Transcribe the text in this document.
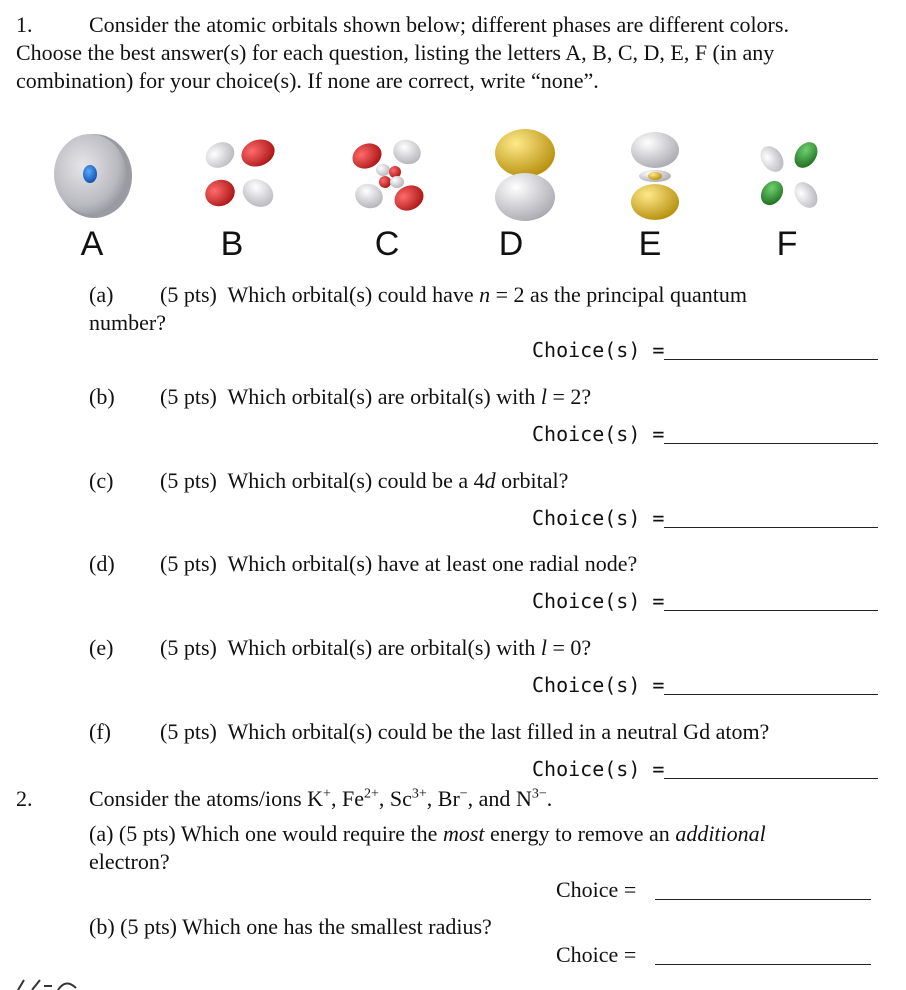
1.	Consider the atomic orbitals shown below; different phases are different colors.
Choose the best answer(s) for each question, listing the letters A, B, C, D, E, F (in any
combination) for your choice(s). If none are correct, write “none”.
A	B	C	D	E	F
(a) (5 pts) Which orbital(s) could have n = 2 as the principal quantum
number?
Choice(s) =
(b) (5 pts) Which orbital(s) are orbital(s) with l = 2?
Choice(s) =
(c) (5 pts) Which orbital(s) could be a 4d orbital?
Choice(s) =
(d) (5 pts) Which orbital(s) have at least one radial node?
Choice(s) =
(e) (5 pts) Which orbital(s) are orbital(s) with l = 0?
Choice(s) =
(f) (5 pts) Which orbital(s) could be the last filled in a neutral Gd atom?
Choice(s) =
2.	Consider the atoms/ions K+, $Fe^{2+}$, $Sc^{3+}$, Br−, and $N^{3-}$.
(a) (5 pts) Which one would require the most energy to remove an additional
electron?
Choice =
(b) (5 pts) Which one has the smallest radius?
Choice =
